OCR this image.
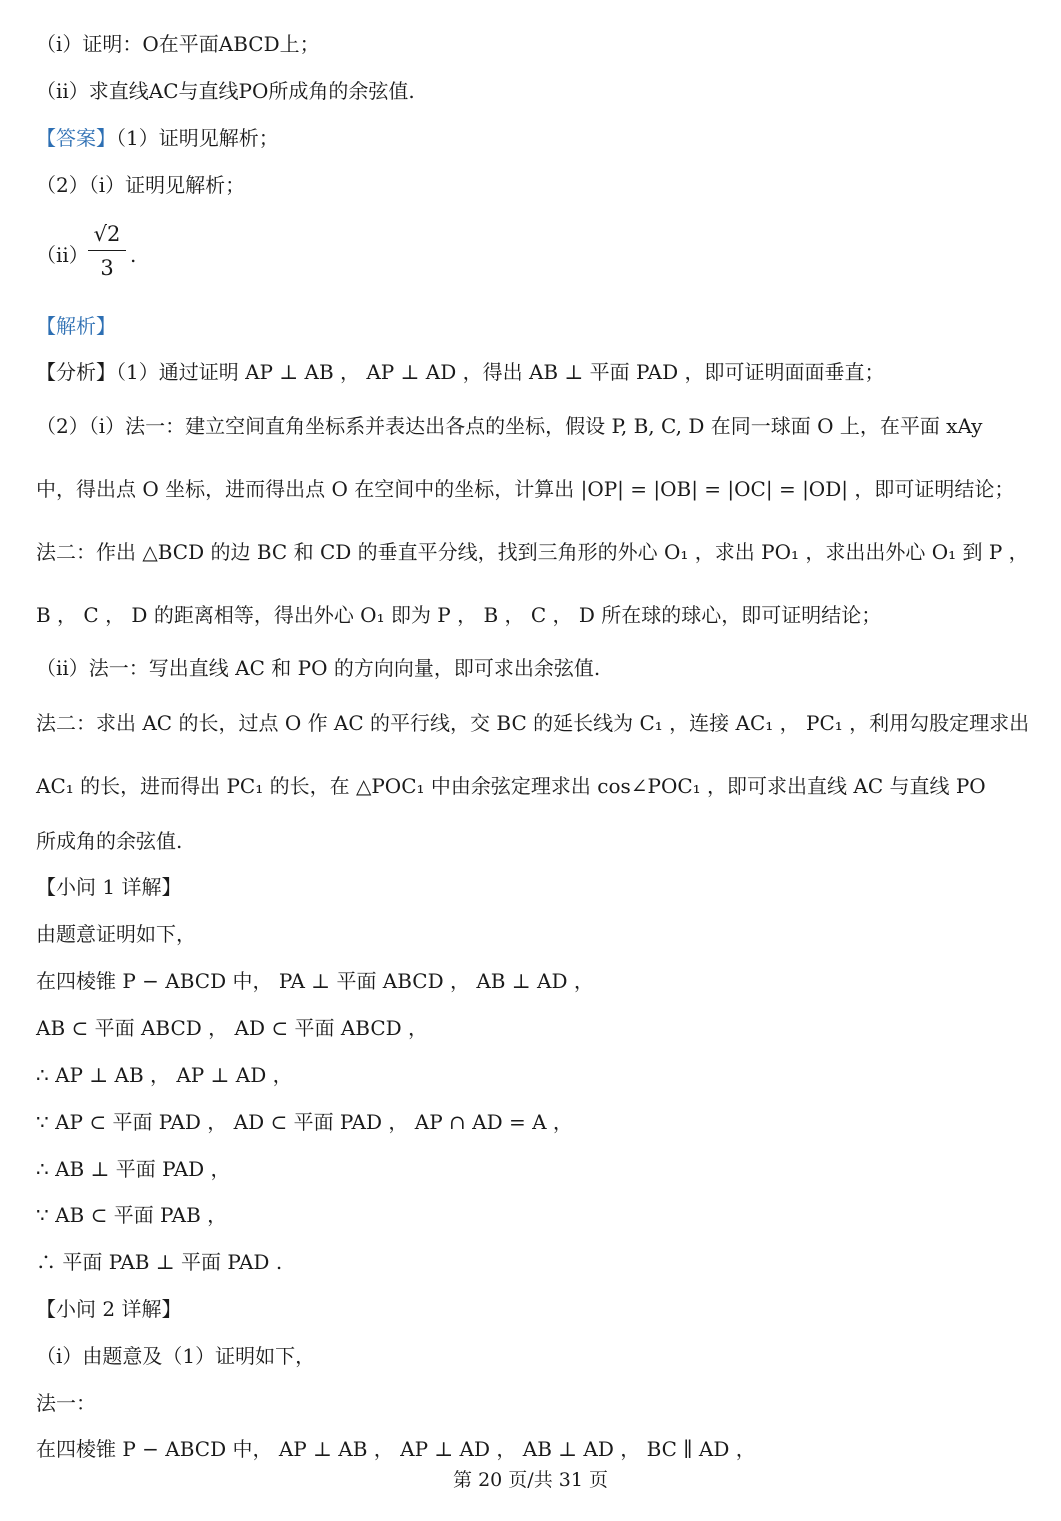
（i）证明：O在平面ABCD上；
（ii）求直线AC与直线PO所成角的余弦值.
【答案】（1）证明见解析；
（2）（i）证明见解析；
（ii）
√2
3
.
【解析】
【分析】（1）通过证明 AP ⊥ AB ， AP ⊥ AD ，得出 AB ⊥ 平面 PAD ，即可证明面面垂直；
（2）（i）法一：建立空间直角坐标系并表达出各点的坐标，假设 P, B, C, D 在同一球面 O 上，在平面 xAy
中，得出点 O 坐标，进而得出点 O 在空间中的坐标，计算出 |OP| = |OB| = |OC| = |OD| ，即可证明结论；
法二：作出 △BCD 的边 BC 和 CD 的垂直平分线，找到三角形的外心 O₁ ，求出 PO₁ ，求出出外心 O₁ 到 P ，
B ， C ， D 的距离相等，得出外心 O₁ 即为 P ， B ， C ， D 所在球的球心，即可证明结论；
（ii）法一：写出直线 AC 和 PO 的方向向量，即可求出余弦值.
法二：求出 AC 的长，过点 O 作 AC 的平行线，交 BC 的延长线为 C₁ ，连接 AC₁ ， PC₁ ，利用勾股定理求出
AC₁ 的长，进而得出 PC₁ 的长，在 △POC₁ 中由余弦定理求出 cos∠POC₁ ，即可求出直线 AC 与直线 PO
所成角的余弦值.
【小问 1 详解】
由题意证明如下，
在四棱锥 P − ABCD 中， PA ⊥ 平面 ABCD ， AB ⊥ AD ，
AB ⊂ 平面 ABCD ， AD ⊂ 平面 ABCD ，
∴ AP ⊥ AB ， AP ⊥ AD ，
∵ AP ⊂ 平面 PAD ， AD ⊂ 平面 PAD ， AP ∩ AD = A ，
∴ AB ⊥ 平面 PAD ，
∵ AB ⊂ 平面 PAB ，
∴ 平面 PAB ⊥ 平面 PAD .
【小问 2 详解】
（i）由题意及（1）证明如下，
法一：
在四棱锥 P − ABCD 中， AP ⊥ AB ， AP ⊥ AD ， AB ⊥ AD ， BC ∥ AD ，
第 20 页/共 31 页
